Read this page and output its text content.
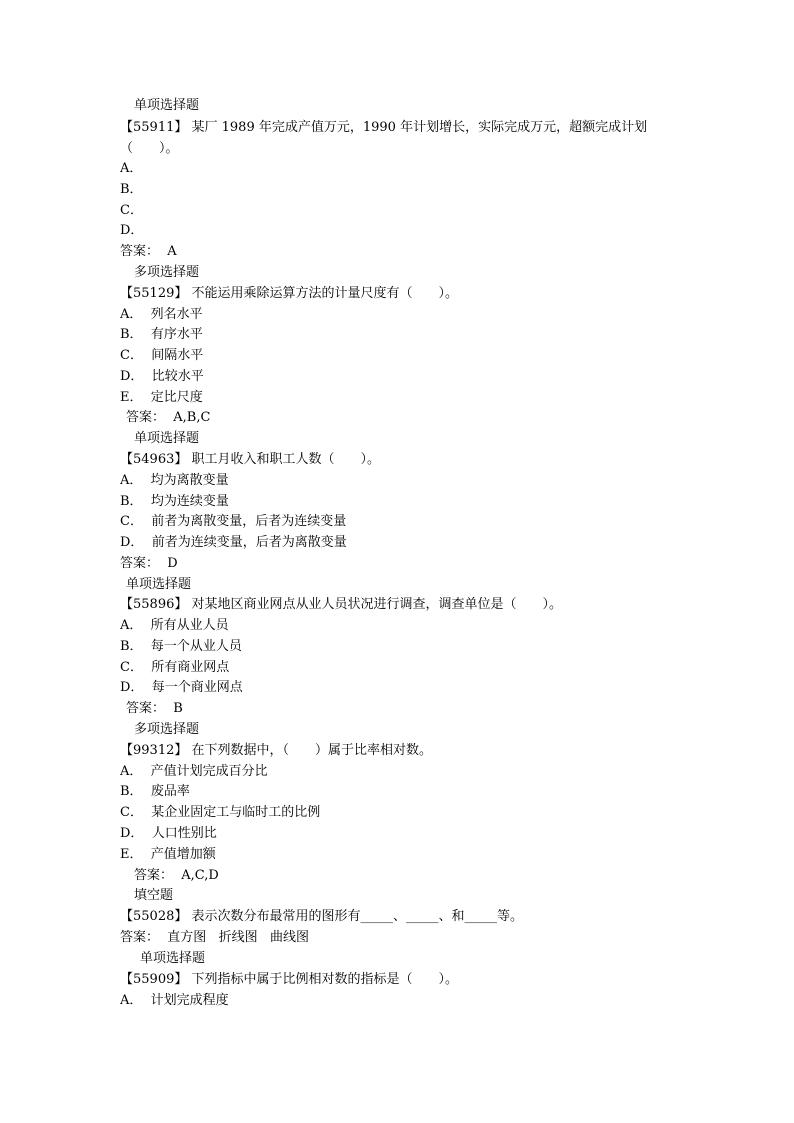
单项选择题
【55911】 某厂 1989 年完成产值万元，1990 年计划增长，实际完成万元，超额完成计划
（　　）。
A．
B．
C．
D．
答案：  A
多项选择题
【55129】 不能运用乘除运算方法的计量尺度有（　　）。
A．  列名水平
B．  有序水平
C．  间隔水平
D．  比较水平
E．  定比尺度
答案：  A,B,C
单项选择题
【54963】 职工月收入和职工人数（　　）。
A．  均为离散变量
B．  均为连续变量
C．  前者为离散变量，后者为连续变量
D．  前者为连续变量，后者为离散变量
答案：  D
单项选择题
【55896】 对某地区商业网点从业人员状况进行调查，调查单位是（　　）。
A．  所有从业人员
B．  每一个从业人员
C．  所有商业网点
D．  每一个商业网点
答案：  B
多项选择题
【99312】 在下列数据中，（　　）属于比率相对数。
A．  产值计划完成百分比
B．  废品率
C．  某企业固定工与临时工的比例
D．  人口性别比
E．  产值增加额
答案：  A,C,D
填空题
【55028】 表示次数分布最常用的图形有_____、_____、和_____等。
答案：  直方图   折线图   曲线图
单项选择题
【55909】 下列指标中属于比例相对数的指标是（　　）。
A．  计划完成程度
